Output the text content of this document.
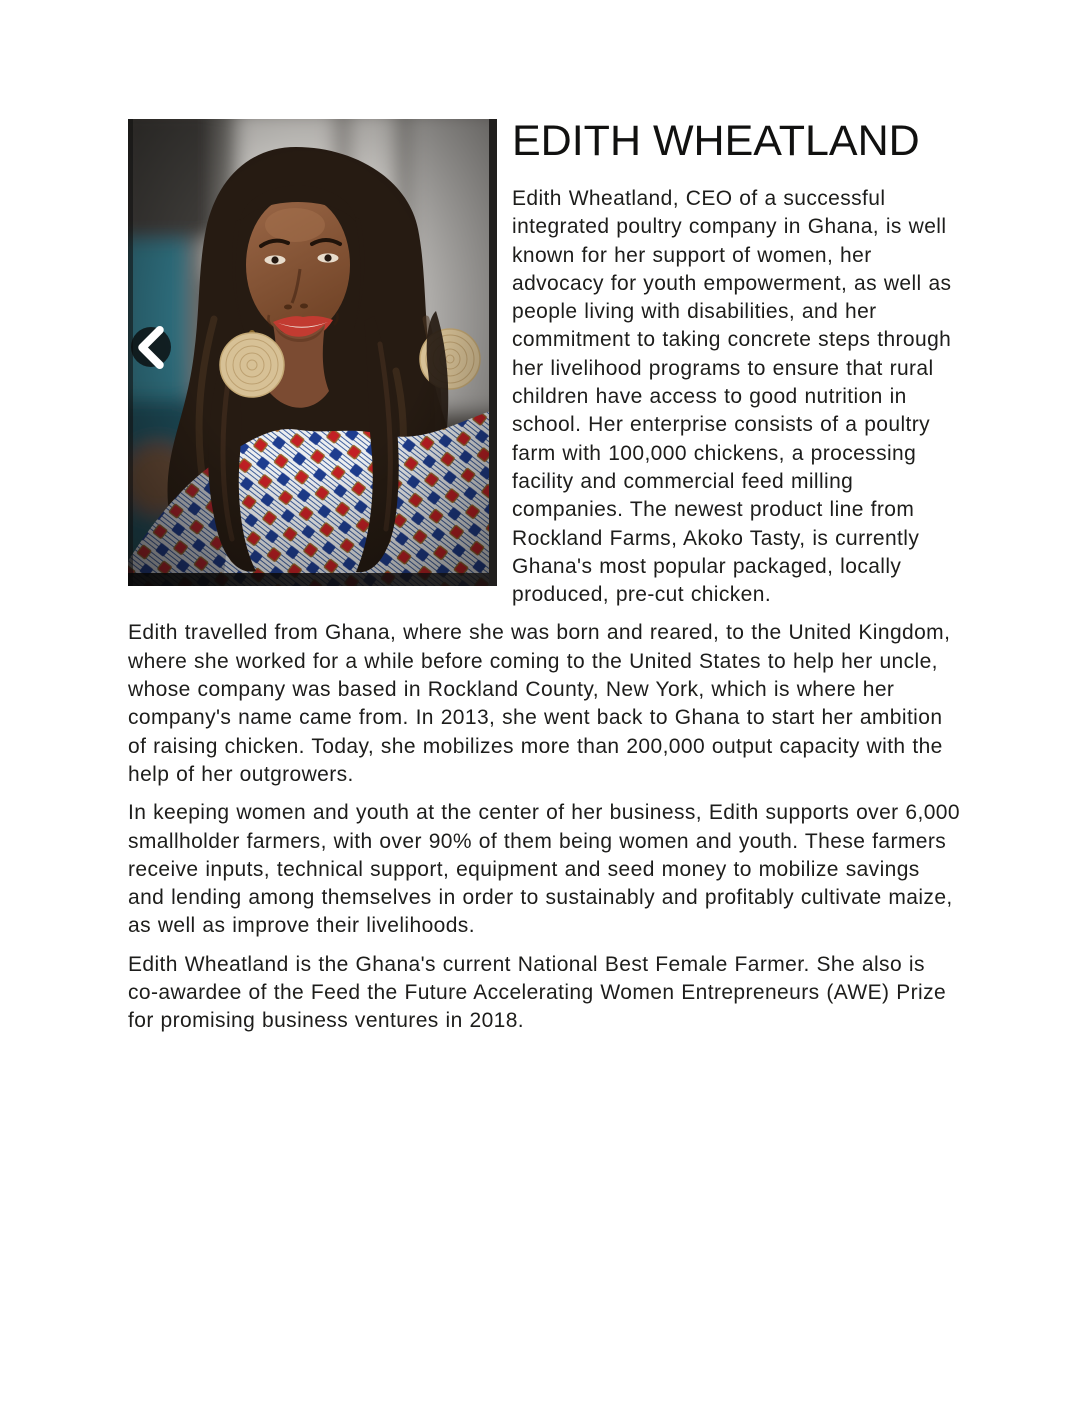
EDITH WHEATLAND

Edith Wheatland, CEO of a successful integrated poultry company in Ghana, is well known for her support of women, her advocacy for youth empowerment, as well as people living with disabilities, and her commitment to taking concrete steps through her livelihood programs to ensure that rural children have access to good nutrition in school. Her enterprise consists of a poultry farm with 100,000 chickens, a processing facility and commercial feed milling companies. The newest product line from Rockland Farms, Akoko Tasty, is currently Ghana's most popular packaged, locally produced, pre-cut chicken.

Edith travelled from Ghana, where she was born and reared, to the United Kingdom, where she worked for a while before coming to the United States to help her uncle, whose company was based in Rockland County, New York, which is where her company's name came from. In 2013, she went back to Ghana to start her ambition of raising chicken. Today, she mobilizes more than 200,000 output capacity with the help of her outgrowers.

In keeping women and youth at the center of her business, Edith supports over 6,000 smallholder farmers, with over 90% of them being women and youth. These farmers receive inputs, technical support, equipment and seed money to mobilize savings and lending among themselves in order to sustainably and profitably cultivate maize, as well as improve their livelihoods.

Edith Wheatland is the Ghana's current National Best Female Farmer. She also is co-awardee of the Feed the Future Accelerating Women Entrepreneurs (AWE) Prize for promising business ventures in 2018.
